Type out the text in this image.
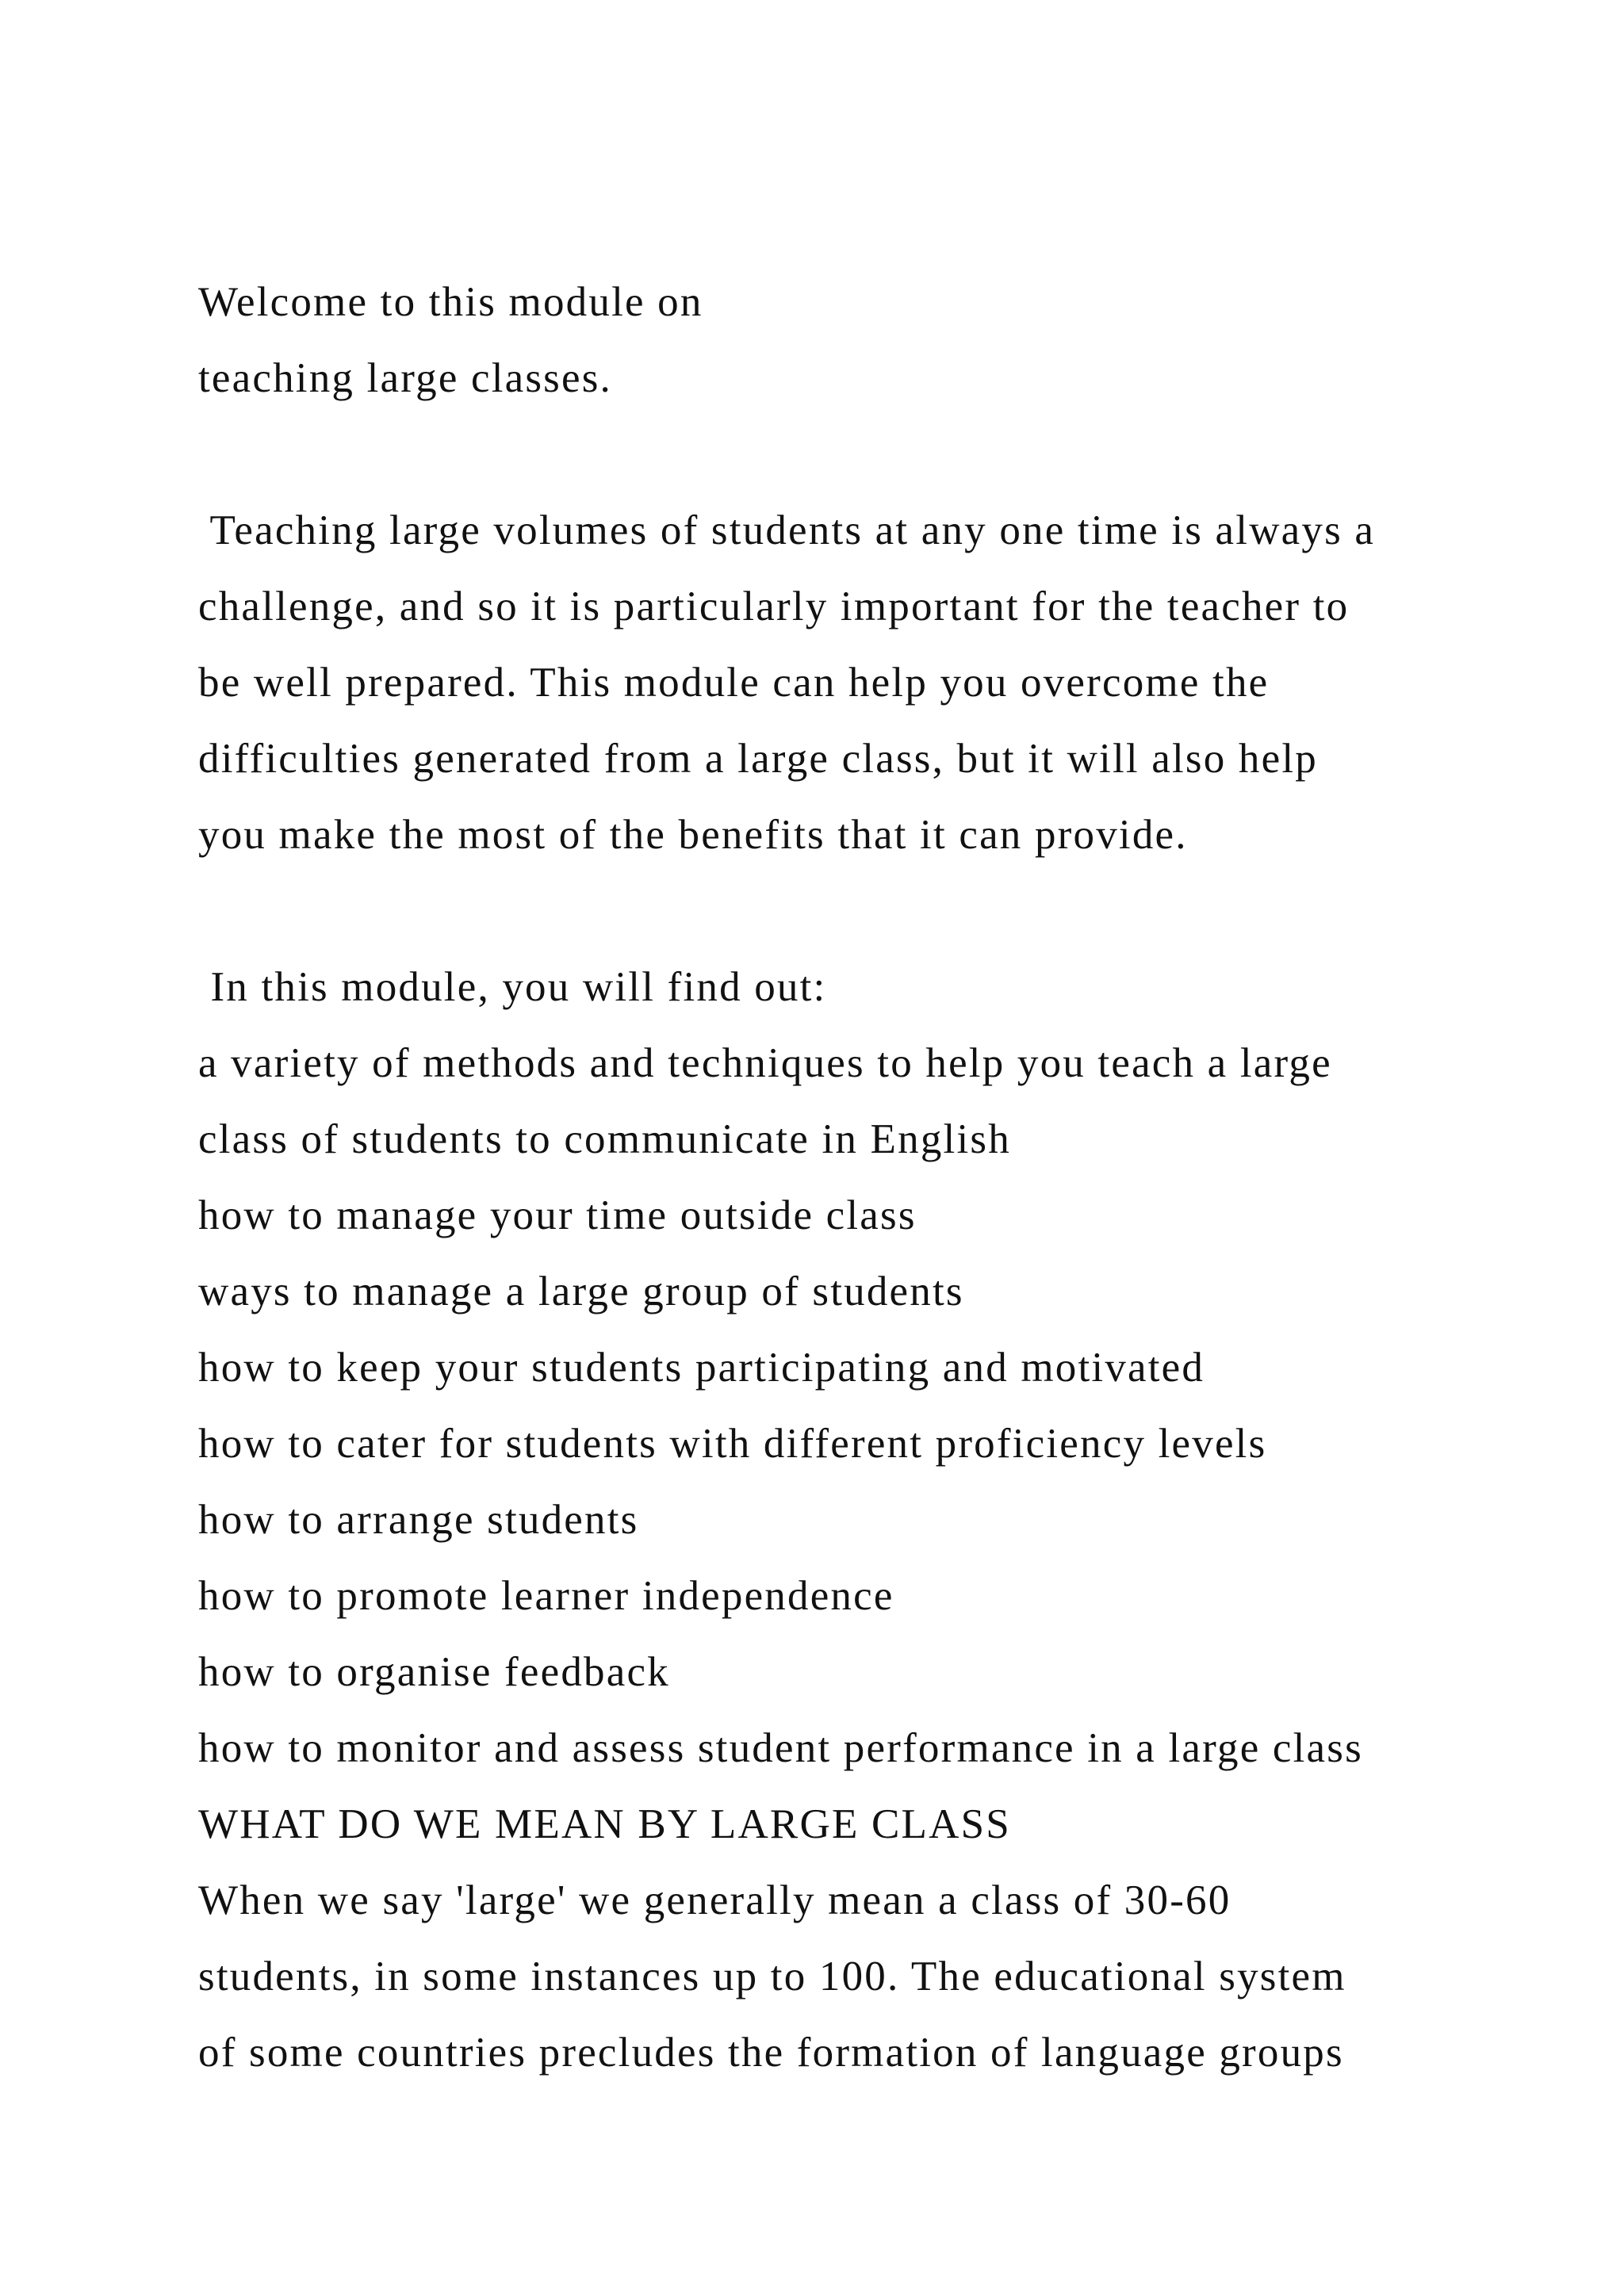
Welcome to this module on
teaching large classes.
Teaching large volumes of students at any one time is always a
challenge, and so it is particularly important for the teacher to
be well prepared. This module can help you overcome the
difficulties generated from a large class, but it will also help
you make the most of the benefits that it can provide.
In this module, you will find out:
a variety of methods and techniques to help you teach a large
class of students to communicate in English
how to manage your time outside class
ways to manage a large group of students
how to keep your students participating and motivated
how to cater for students with different proficiency levels
how to arrange students
how to promote learner independence
how to organise feedback
how to monitor and assess student performance in a large class
WHAT DO WE MEAN BY LARGE CLASS
When we say 'large' we generally mean a class of 30-60
students, in some instances up to 100. The educational system
of some countries precludes the formation of language groups
